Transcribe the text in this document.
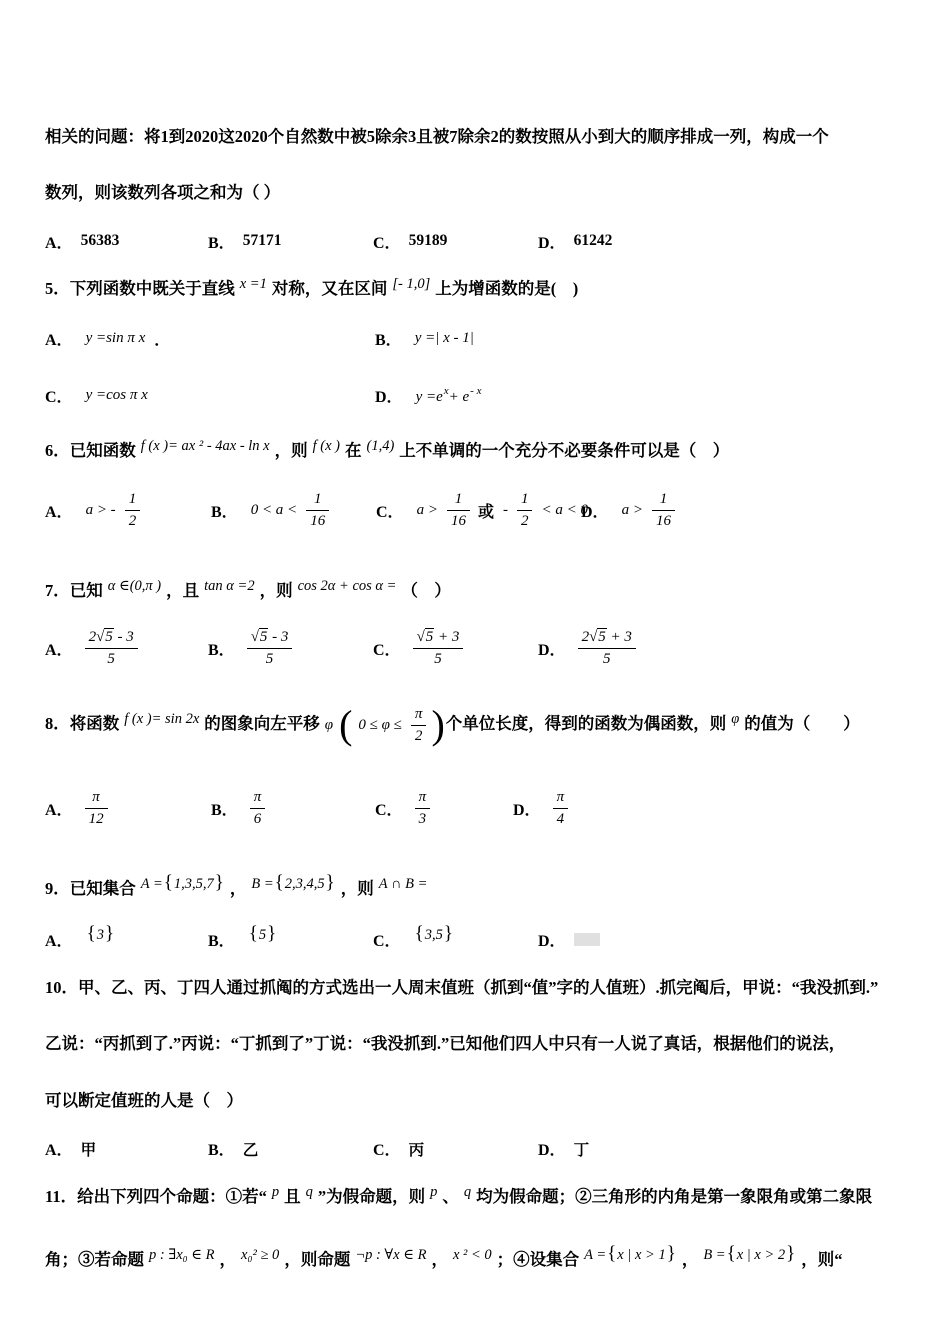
相关的问题：将1到2020这2020个自然数中被5除余3且被7除余2的数按照从小到大的顺序排成一列，构成一个

数列，则该数列各项之和为（ ）

A． 56383	B． 57171	C． 59189	D． 61242

5．下列函数中既关于直线 x =1 对称，又在区间 [- 1,0] 上为增函数的是(　)

A． y =sin π x ．	B． y =| x - 1|
C． y =cos π x	D． $y =e^x+ e^{- x}$

6．已知函数 f (x )= ax ² - 4ax - ln x ，则 f (x ) 在 (1,4) 上不单调的一个充分不必要条件可以是（　）

A． a > - $\frac{1}{2}$	B． $0 < a < \frac{1}{16}$	C． $a > \frac{1}{16}$ 或 - $\frac{1}{2} < a < 0$
D． $a > \frac{1}{16}$

7．已知 α ∈(0,π ) ，且 tan α =2 ，则 cos 2α + cos α = （　）

A． $\frac{2√5 - 3}{5}$	B． $\frac{√5 - 3}{5}$	C． $\frac{√5 + 3}{5}$	D． $\frac{2√5 + 3}{5}$

8．将函数 f (x )= sin 2x 的图象向左平移 φ ( $0 \le \varphi \le \frac{\pi}{2}$ )个单位长度，得到的函数为偶函数，则 φ 的值为（　　）

A． $\frac{\pi}{12}$	B． $\frac{\pi}{6}$	C． $\frac{\pi}{3}$	D． $\frac{\pi}{4}$

9．已知集合 A ={1,3,5,7} ， B ={2,3,4,5} ，则 A ∩ B =

A． {3}	B． {5}	C． {3,5}	D．

10．甲、乙、丙、丁四人通过抓阄的方式选出一人周末值班（抓到“值”字的人值班）.抓完阄后，甲说：“我没抓到.”

乙说：“丙抓到了.”丙说：“丁抓到了”丁说：“我没抓到.”已知他们四人中只有一人说了真话，根据他们的说法，

可以断定值班的人是（　）

A． 甲	B． 乙	C． 丙	D． 丁

11．给出下列四个命题：①若“ p 且 q ”为假命题，则 p 、 q 均为假命题；②三角形的内角是第一象限角或第二象限

角；③若命题 p : ∃x₀ ∈ R ， x₀² ≥ 0 ，则命题 ¬p : ∀x ∈ R ， x ² < 0 ；④设集合 A ={x | x > 1} ， B ={x | x > 2} ，则“
